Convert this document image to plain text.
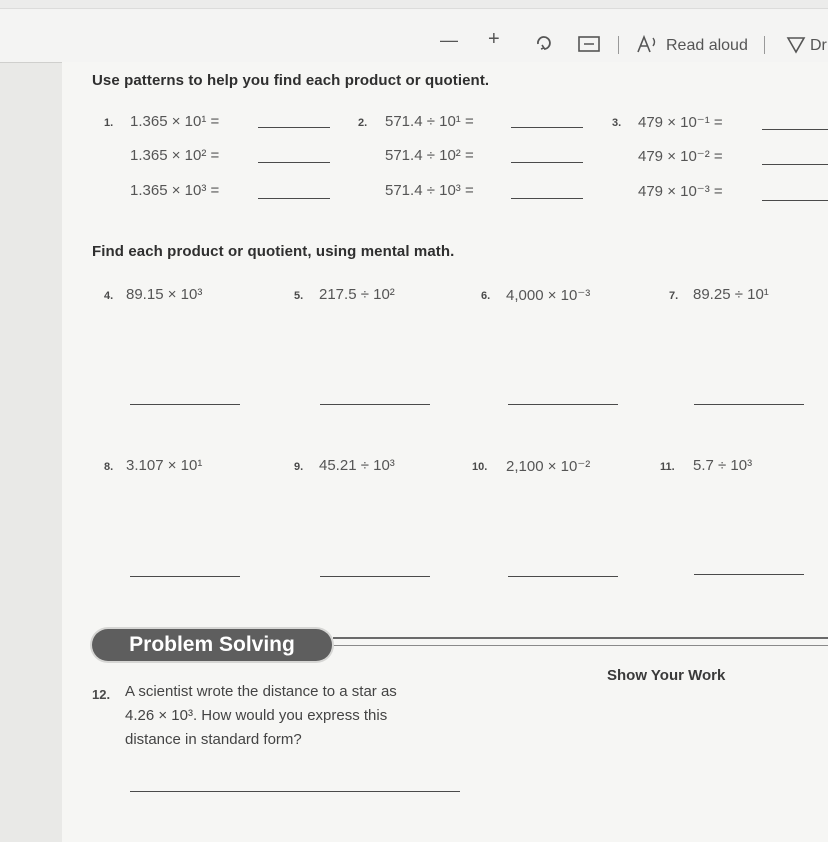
— +	Read aloud	Dr
Use patterns to help you find each product or quotient.
1. 1.365 × 10¹ =
1.365 × 10² =
1.365 × 10³ =
2. 571.4 ÷ 10¹ =
571.4 ÷ 10² =
571.4 ÷ 10³ =
3. 479 × 10⁻¹ =
479 × 10⁻² =
479 × 10⁻³ =
Find each product or quotient, using mental math.
4. 89.15 × 10³	5. 217.5 ÷ 10²	6. 4,000 × 10⁻³	7. 89.25 ÷ 10¹
8. 3.107 × 10¹	9. 45.21 ÷ 10³	10. 2,100 × 10⁻²	11. 5.7 ÷ 10³
Problem Solving
Show Your Work
12. A scientist wrote the distance to a star as
4.26 × 10³. How would you express this
distance in standard form?
